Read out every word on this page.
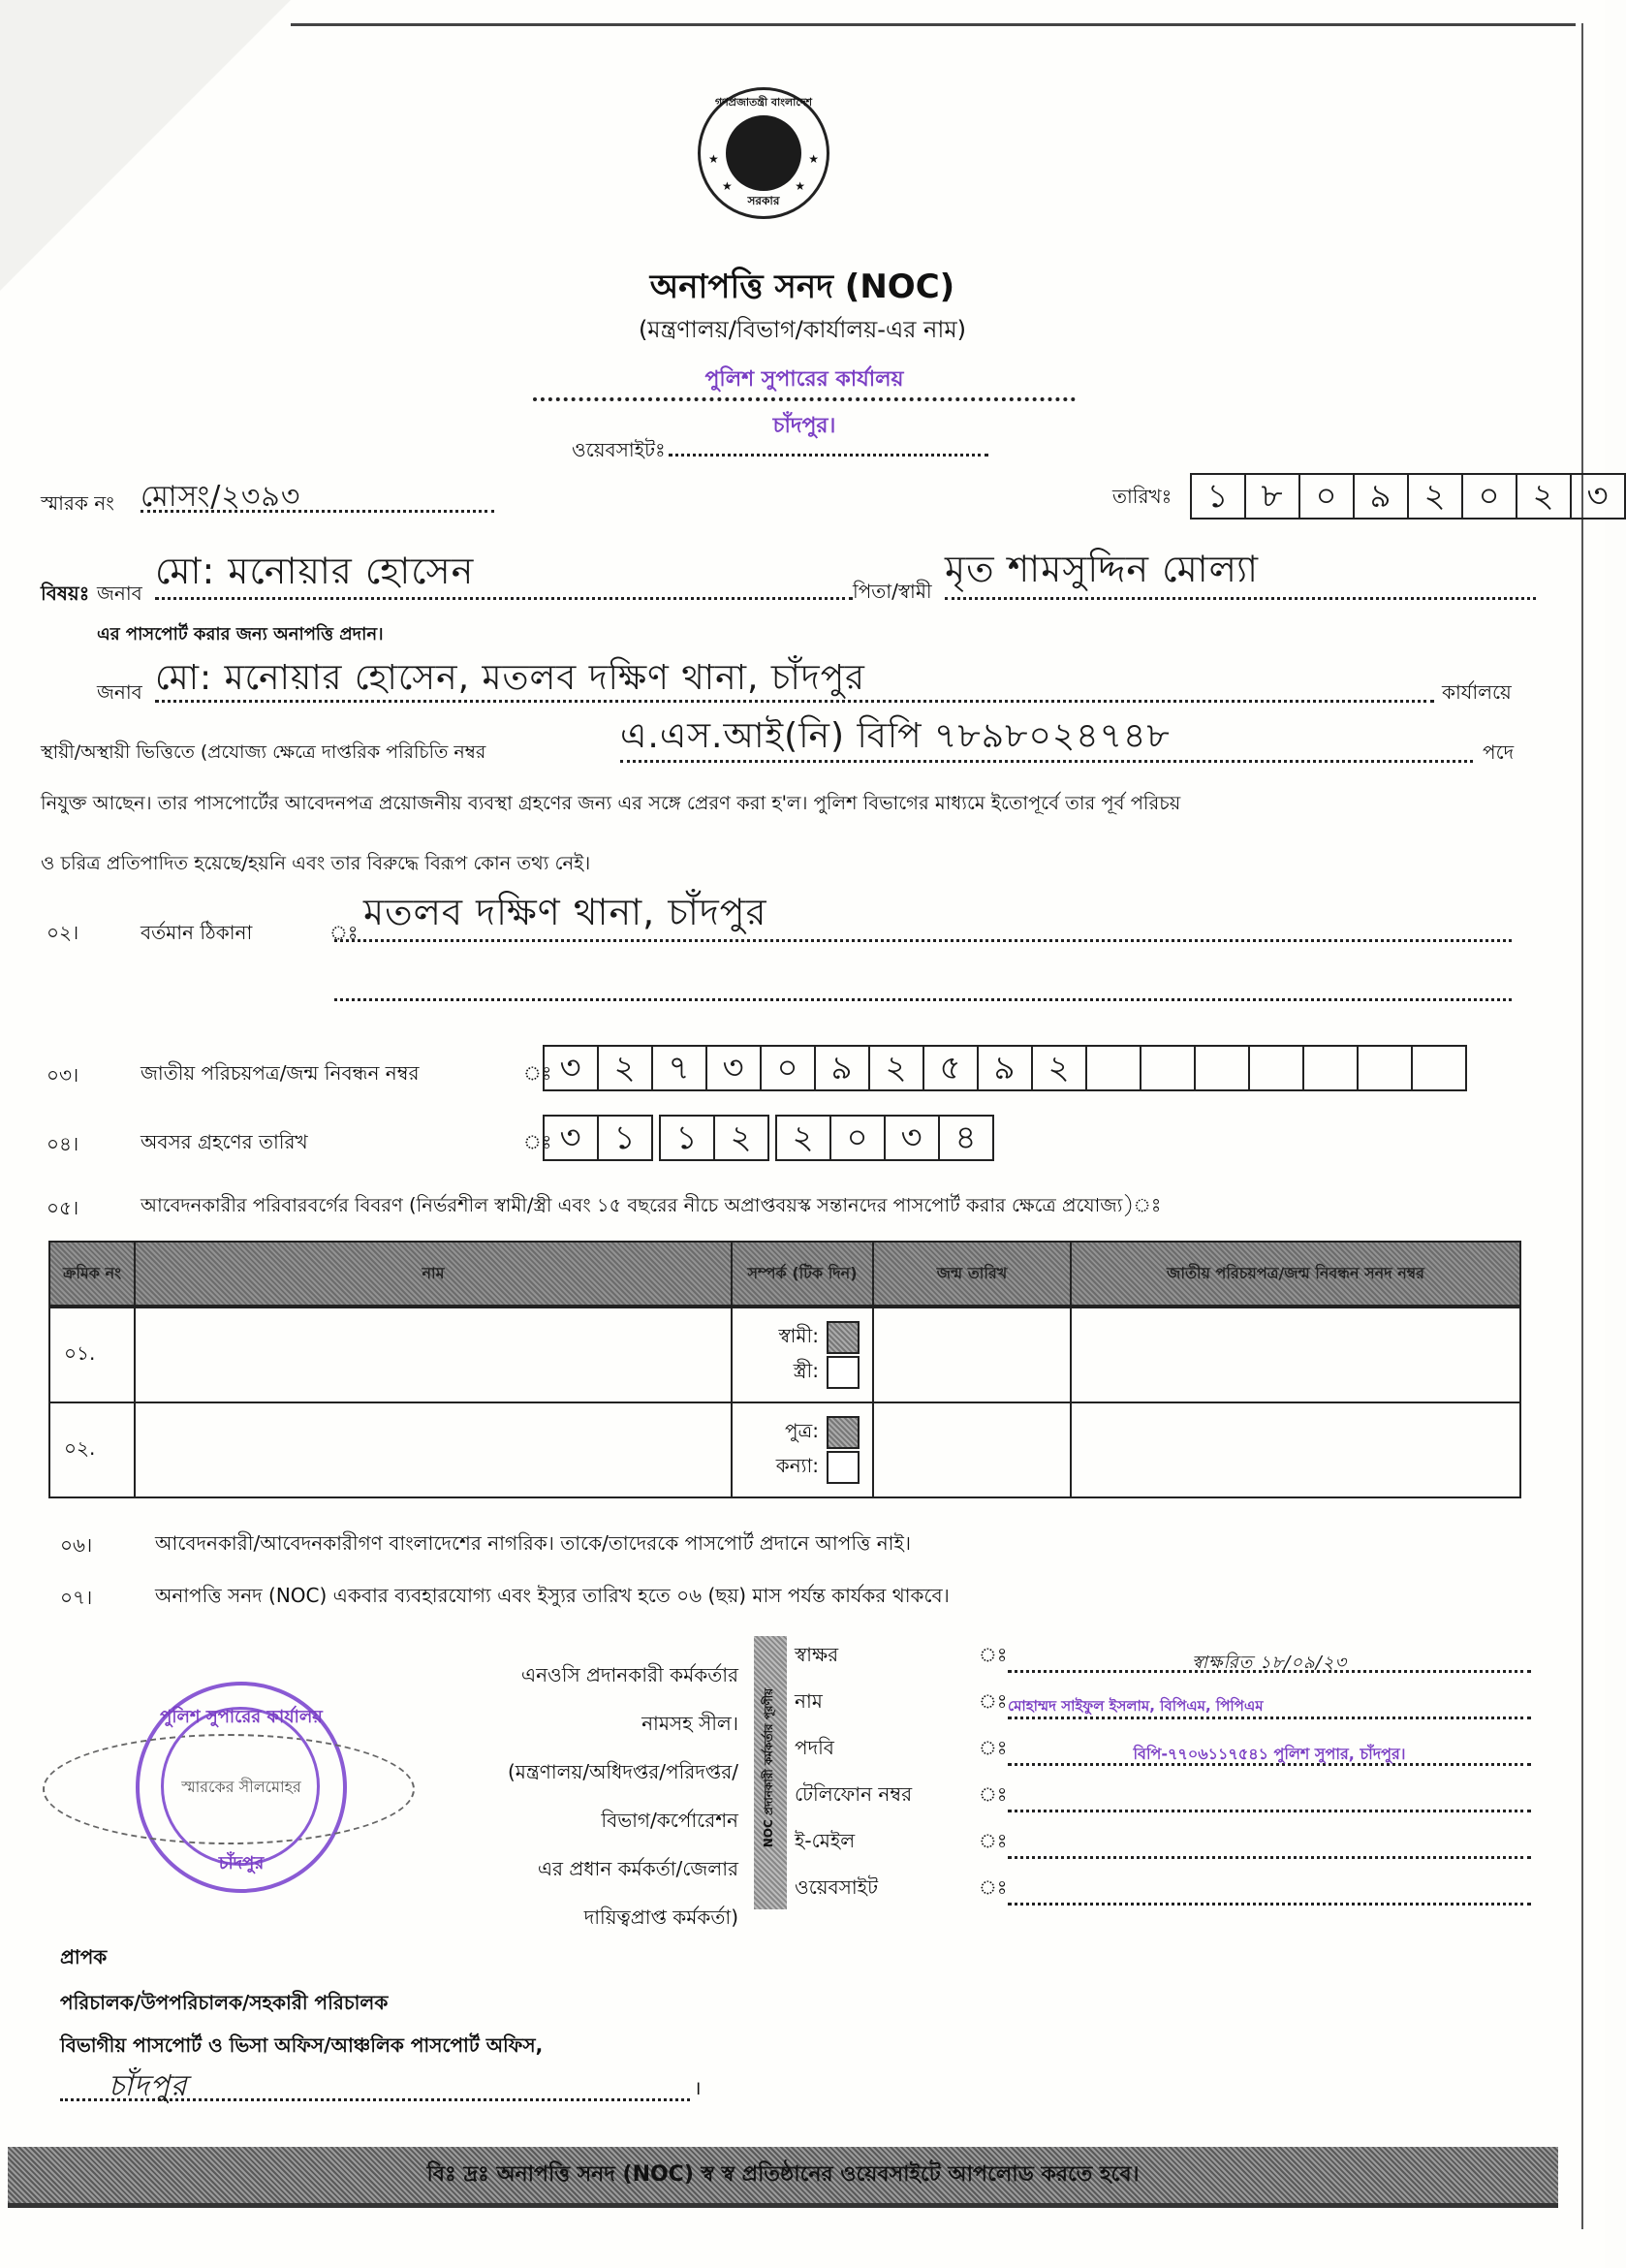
গণপ্রজাতন্ত্রী বাংলাদেশ
★	★
★	★
সরকার
অনাপত্তি সনদ (NOC)
(মন্ত্রণালয়/বিভাগ/কার্যালয়-এর নাম)
পুলিশ সুপারের কার্যালয়
চাঁদপুর।
ওয়েবসাইটঃ
স্মারক নং মোসং/২৩৯৩	তারিখঃ	১ ৮ ০ ৯ ২ ০ ২ ৩
বিষয়ঃ জনাব
মো: মনোয়ার হোসেন	পিতা/স্বামী
মৃত শামসুদ্দিন মোল্যা
এর পাসপোর্ট করার জন্য অনাপত্তি প্রদান।
জনাব মো: মনোয়ার হোসেন, মতলব দক্ষিণ থানা, চাঁদপুর	কার্যালয়ে
স্থায়ী/অস্থায়ী ভিত্তিতে (প্রযোজ্য ক্ষেত্রে দাপ্তরিক পরিচিতি নম্বর	এ.এস.আই(নি) বিপি ৭৮৯৮০২৪৭৪৮	পদে
নিযুক্ত আছেন। তার পাসপোর্টের আবেদনপত্র প্রয়োজনীয় ব্যবস্থা গ্রহণের জন্য এর সঙ্গে প্রেরণ করা হ'ল। পুলিশ বিভাগের মাধ্যমে ইতোপূর্বে তার পূর্ব পরিচয়
ও চরিত্র প্রতিপাদিত হয়েছে/হয়নি এবং তার বিরুদ্ধে বিরূপ কোন তথ্য নেই।
০২।	বর্তমান ঠিকানা	ঃ মতলব দক্ষিণ থানা, চাঁদপুর
০৩।	জাতীয় পরিচয়পত্র/জন্ম নিবন্ধন নম্বর	ঃ ৩ ২ ৭ ৩ ০ ৯ ২ ৫ ৯ ২
০৪।	অবসর গ্রহণের তারিখ	ঃ ৩ ১	১ ২	২ ০ ৩ ৪
০৫।	আবেদনকারীর পরিবারবর্গের বিবরণ (নির্ভরশীল স্বামী/স্ত্রী এবং ১৫ বছরের নীচে অপ্রাপ্তবয়স্ক সন্তানদের পাসপোর্ট করার ক্ষেত্রে প্রযোজ্য)ঃ
ক্রমিক নং	নাম	সম্পর্ক (টিক দিন)	জন্ম তারিখ	জাতীয় পরিচয়পত্র/জন্ম নিবন্ধন সনদ নম্বর
০১.		স্বামী:
স্ত্রী:		

০২.		পুত্র:
কন্যা:		

০৬।	আবেদনকারী/আবেদনকারীগণ বাংলাদেশের নাগরিক। তাকে/তাদেরকে পাসপোর্ট প্রদানে আপত্তি নাই।
০৭।	অনাপত্তি সনদ (NOC) একবার ব্যবহারযোগ্য এবং ইস্যুর তারিখ হতে ০৬ (ছয়) মাস পর্যন্ত কার্যকর থাকবে।
পুলিশ সুপারের কার্যালয়
স্মারকের সীলমোহর
চাঁদপুর
এনওসি প্রদানকারী কর্মকর্তার
নামসহ সীল।
(মন্ত্রণালয়/অধিদপ্তর/পরিদপ্তর/
বিভাগ/কর্পোরেশন
এর প্রধান কর্মকর্তা/জেলার
দায়িত্বপ্রাপ্ত কর্মকর্তা)
NOC প্রদানকারী কর্মকর্তার পূরণীয়
স্বাক্ষর	ঃ	স্বাক্ষরিত ১৮/০৯/২৩
নাম	ঃ মোহাম্মদ সাইফুল ইসলাম, বিপিএম, পিপিএম
পদবি	ঃ	বিপি-৭৭০৬১১৭৫৪১ পুলিশ সুপার, চাঁদপুর।
টেলিফোন নম্বর	ঃ
ই-মেইল	ঃ
ওয়েবসাইট	ঃ
প্রাপক
পরিচালক/উপপরিচালক/সহকারী পরিচালক
বিভাগীয় পাসপোর্ট ও ভিসা অফিস/আঞ্চলিক পাসপোর্ট অফিস,
চাঁদপুর	।
বিঃ দ্রঃ অনাপত্তি সনদ (NOC) স্ব স্ব প্রতিষ্ঠানের ওয়েবসাইটে আপলোড করতে হবে।
